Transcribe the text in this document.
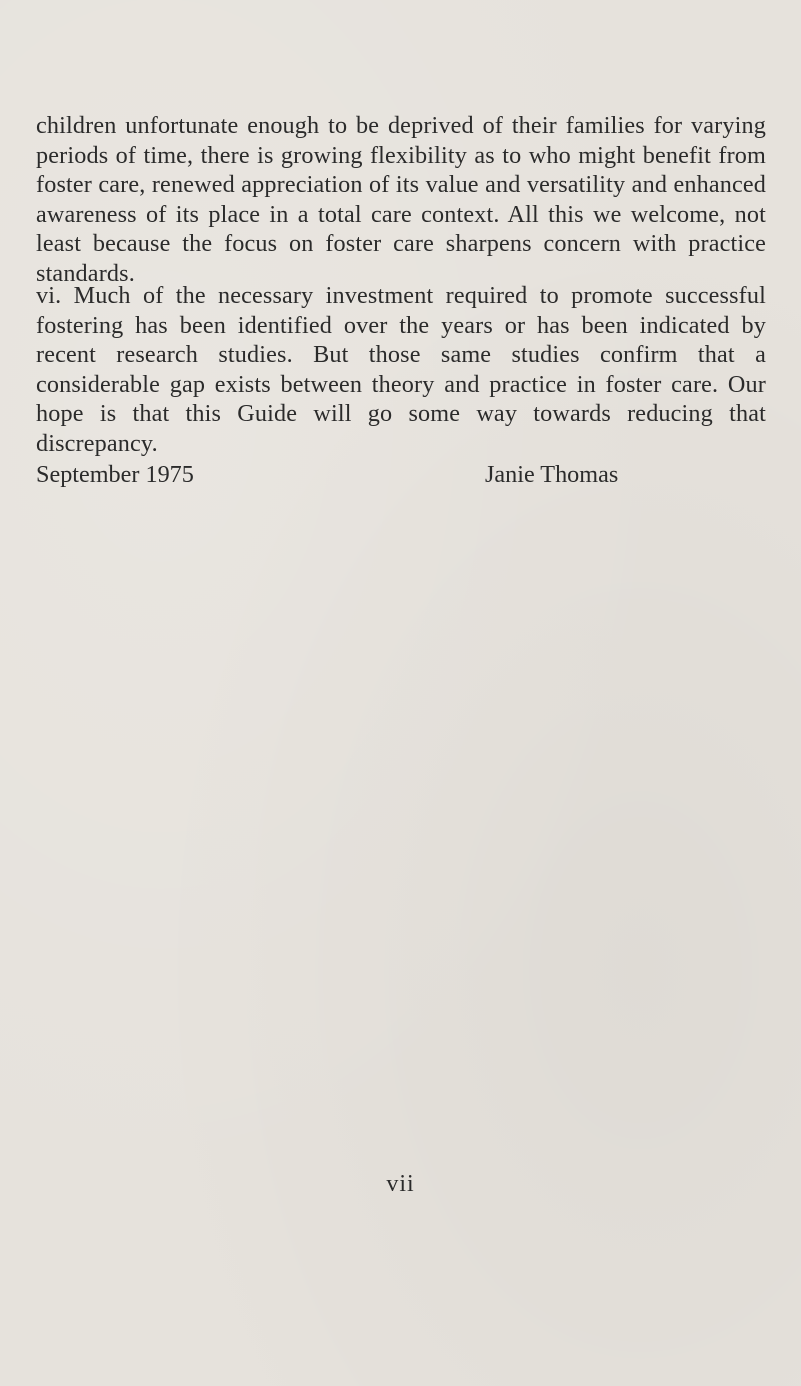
children unfortunate enough to be deprived of their families for varying periods of time, there is growing flexibility as to who might benefit from foster care, renewed appreciation of its value and versatility and enhanced awareness of its place in a total care context. All this we welcome, not least because the focus on foster care sharpens concern with practice standards.

vi. Much of the necessary investment required to promote successful fostering has been identified over the years or has been indicated by recent research studies. But those same studies confirm that a considerable gap exists between theory and practice in foster care. Our hope is that this Guide will go some way towards reducing that discrepancy.

September 1975	Janie Thomas
vii
